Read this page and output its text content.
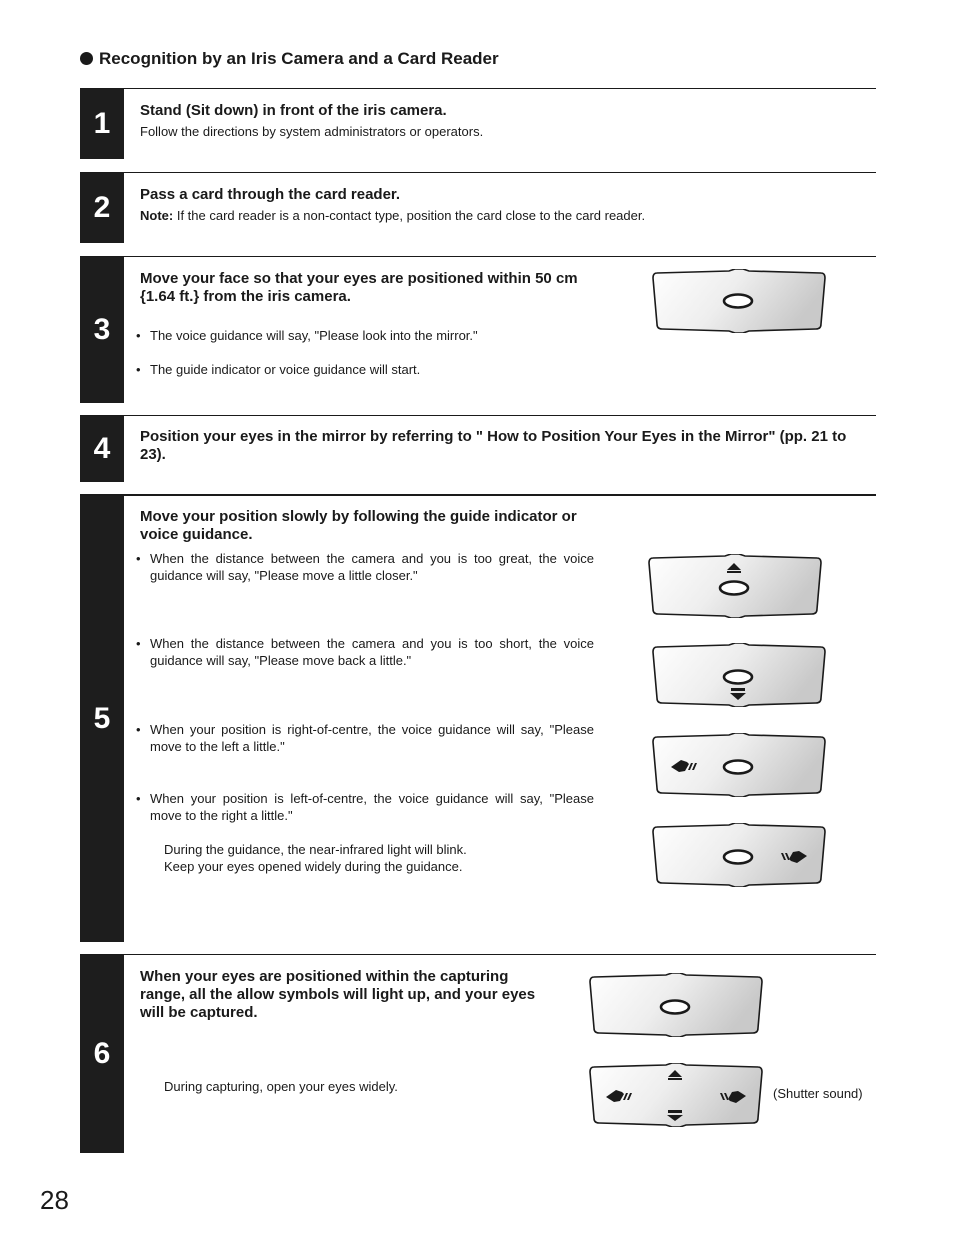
Recognition by an Iris Camera and a Card Reader
1	Stand (Sit down) in front of the iris camera.
Follow the directions by system administrators or operators.
2	Pass a card through the card reader.
Note: If the card reader is a non-contact type, position the card close to the card reader.
3
Move your face so that your eyes are positioned within 50 cm
{1.64 ft.} from the iris camera.
• The voice guidance will say, "Please look into the mirror."
• The guide indicator or voice guidance will start.
4	Position your eyes in the mirror by referring to " How to Position Your Eyes in the Mirror" (pp. 21 to 23).
5
Move your position slowly by following the guide indicator or
voice guidance.
• When the distance between the camera and you is too great, the voice guidance will say, "Please move a little closer."
• When the distance between the camera and you is too short, the voice guidance will say, "Please move back a little."
• When your position is right-of-centre, the voice guidance will say, "Please move to the left a little."
• When your position is left-of-centre, the voice guidance will say, "Please move to the right a little."
During the guidance, the near-infrared light will blink.
Keep your eyes opened widely during the guidance.
6
When your eyes are positioned within the capturing
range, all the allow symbols will light up, and your eyes
will be captured.
During capturing, open your eyes widely.	(Shutter sound)
28
